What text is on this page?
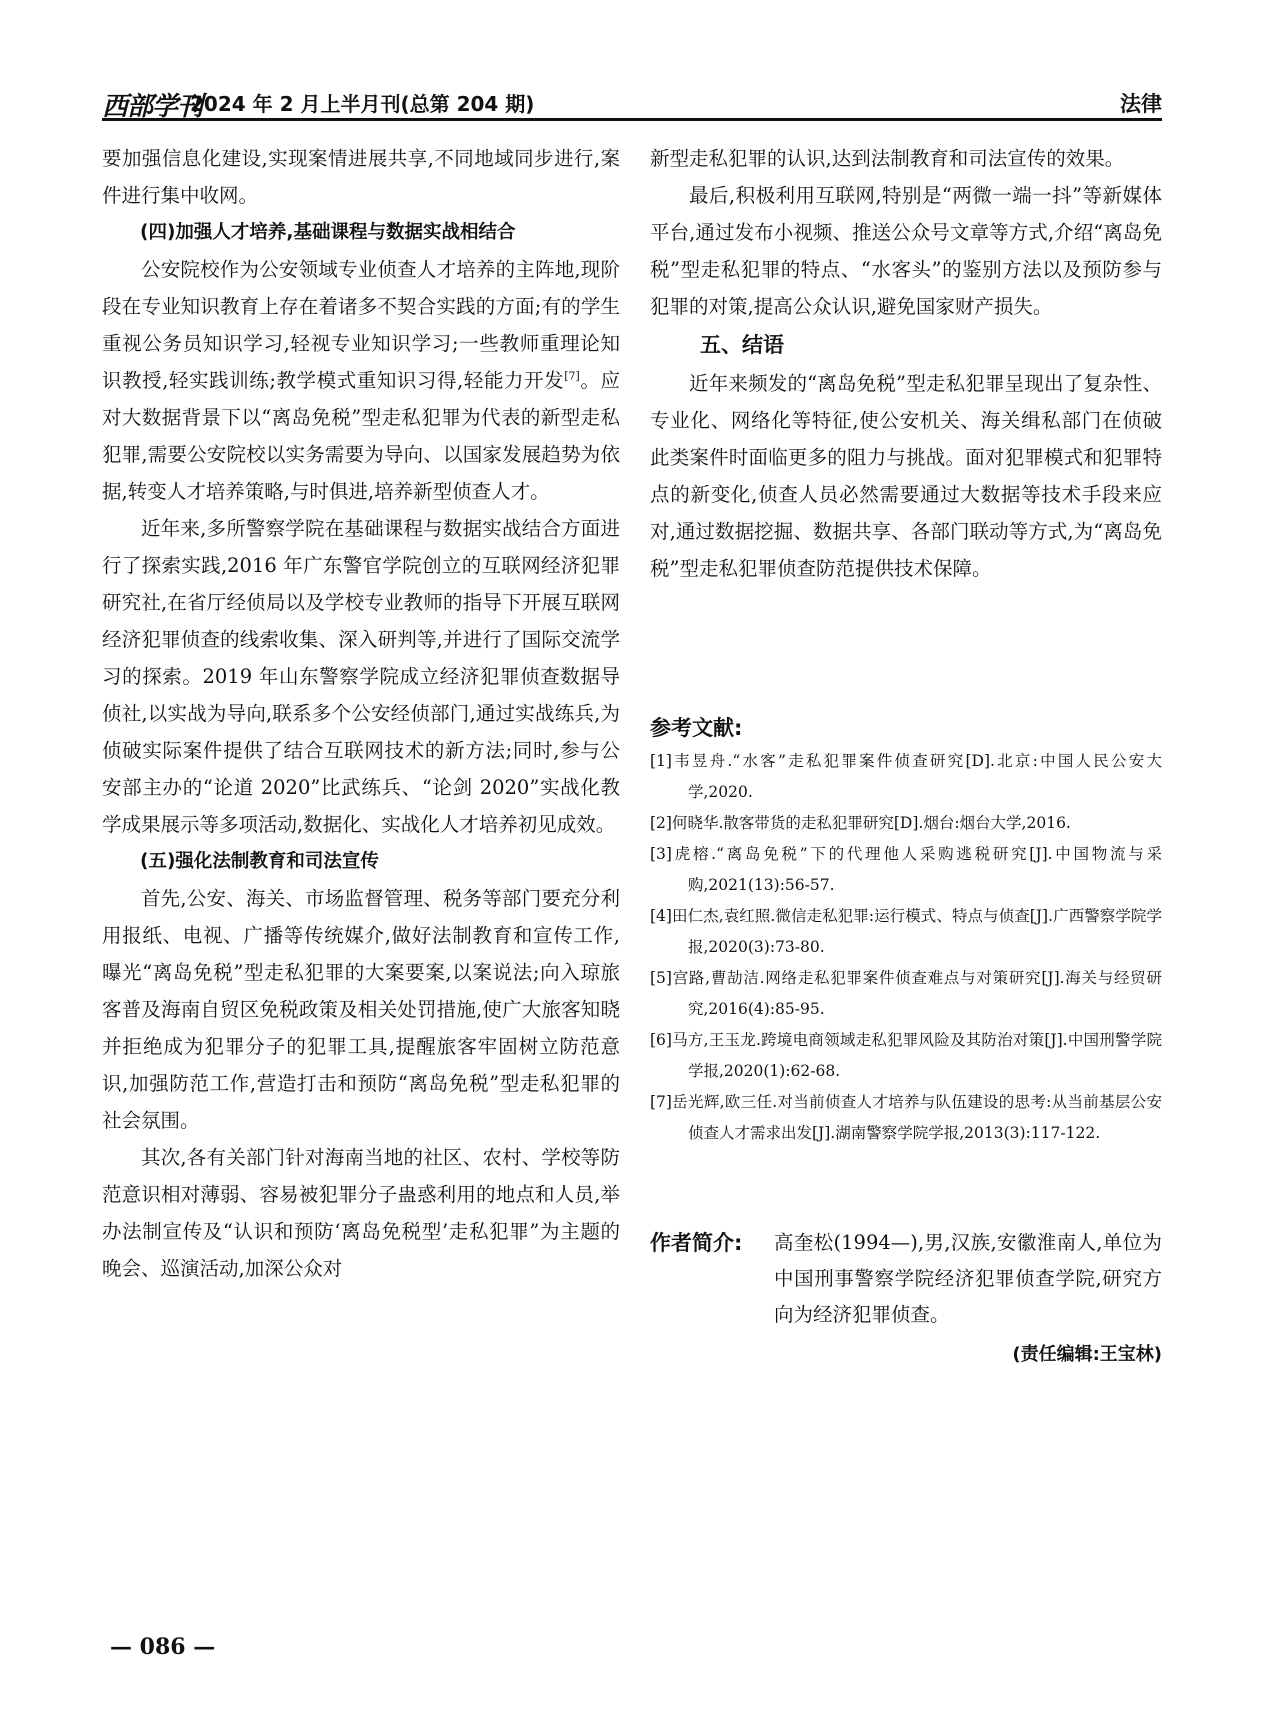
西部学刊
2024 年 2 月上半月刊(总第 204 期)	法律

要加强信息化建设,实现案情进展共享,不同地域同步进行,案件进行集中收网。

(四)加强人才培养,基础课程与数据实战相结合

公安院校作为公安领域专业侦查人才培养的主阵地,现阶段在专业知识教育上存在着诸多不契合实践的方面;有的学生重视公务员知识学习,轻视专业知识学习;一些教师重理论知识教授,轻实践训练;教学模式重知识习得,轻能力开发[7]。应对大数据背景下以“离岛免税”型走私犯罪为代表的新型走私犯罪,需要公安院校以实务需要为导向、以国家发展趋势为依据,转变人才培养策略,与时俱进,培养新型侦查人才。

近年来,多所警察学院在基础课程与数据实战结合方面进行了探索实践,2016 年广东警官学院创立的互联网经济犯罪研究社,在省厅经侦局以及学校专业教师的指导下开展互联网经济犯罪侦查的线索收集、深入研判等,并进行了国际交流学习的探索。2019 年山东警察学院成立经济犯罪侦查数据导侦社,以实战为导向,联系多个公安经侦部门,通过实战练兵,为侦破实际案件提供了结合互联网技术的新方法;同时,参与公安部主办的“论道 2020”比武练兵、“论剑 2020”实战化教学成果展示等多项活动,数据化、实战化人才培养初见成效。

(五)强化法制教育和司法宣传

首先,公安、海关、市场监督管理、税务等部门要充分利用报纸、电视、广播等传统媒介,做好法制教育和宣传工作,曝光“离岛免税”型走私犯罪的大案要案,以案说法;向入琼旅客普及海南自贸区免税政策及相关处罚措施,使广大旅客知晓并拒绝成为犯罪分子的犯罪工具,提醒旅客牢固树立防范意识,加强防范工作,营造打击和预防“离岛免税”型走私犯罪的社会氛围。

其次,各有关部门针对海南当地的社区、农村、学校等防范意识相对薄弱、容易被犯罪分子蛊惑利用的地点和人员,举办法制宣传及“认识和预防‘离岛免税型’走私犯罪”为主题的晚会、巡演活动,加深公众对

新型走私犯罪的认识,达到法制教育和司法宣传的效果。

最后,积极利用互联网,特别是“两微一端一抖”等新媒体平台,通过发布小视频、推送公众号文章等方式,介绍“离岛免税”型走私犯罪的特点、“水客头”的鉴别方法以及预防参与犯罪的对策,提高公众认识,避免国家财产损失。

五、结语

近年来频发的“离岛免税”型走私犯罪呈现出了复杂性、专业化、网络化等特征,使公安机关、海关缉私部门在侦破此类案件时面临更多的阻力与挑战。面对犯罪模式和犯罪特点的新变化,侦查人员必然需要通过大数据等技术手段来应对,通过数据挖掘、数据共享、各部门联动等方式,为“离岛免税”型走私犯罪侦查防范提供技术保障。

参考文献:

[1]韦昱舟.“水客”走私犯罪案件侦查研究[D].北京:中国人民公安大学,2020.

[2]何晓华.散客带货的走私犯罪研究[D].烟台:烟台大学,2016.

[3]虎榕.“离岛免税”下的代理他人采购逃税研究[J].中国物流与采购,2021(13):56-57.

[4]田仁杰,袁红照.微信走私犯罪:运行模式、特点与侦查[J].广西警察学院学报,2020(3):73-80.

[5]宫路,曹劼洁.网络走私犯罪案件侦查难点与对策研究[J].海关与经贸研究,2016(4):85-95.

[6]马方,王玉龙.跨境电商领域走私犯罪风险及其防治对策[J].中国刑警学院学报,2020(1):62-68.

[7]岳光辉,欧三任.对当前侦查人才培养与队伍建设的思考:从当前基层公安侦查人才需求出发[J].湖南警察学院学报,2013(3):117-122.

作者简介: 高奎松(1994—),男,汉族,安徽淮南人,单位为中国刑事警察学院经济犯罪侦查学院,研究方向为经济犯罪侦查。
(责任编辑:王宝林)
— 086 —
